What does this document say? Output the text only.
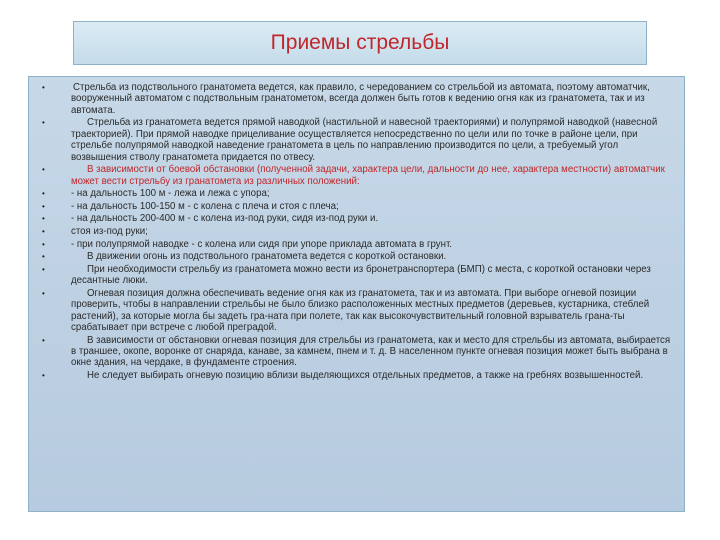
Приемы стрельбы
•	Стрельба из подствольного гранатомета ведется, как правило, с чередованием со стрельбой из автомата, поэтому автоматчик, вооруженный автоматом с подствольным гранатометом, всегда должен быть готов к ведению огня как из гранатомета, так и из автомата.
•	Стрельба из гранатомета ведется прямой наводкой (настильной и навесной траекториями) и полупрямой наводкой (навесной траекторией). При прямой наводке прицеливание осуществляется непосредственно по цели или по точке в районе цели, при стрельбе полупрямой наводкой наведение гранатомета в цель по направлению производится по цели, а требуемый угол возвышения стволу гранатомета придается по отвесу.
•	В зависимости от боевой обстановки (полученной задачи, характера цели, дальности до нее, характера местности) автоматчик может вести стрельбу из гранатомета из различных положений:
•	- на дальность 100 м - лежа и лежа с упора;
•	- на дальность 100-150 м - с колена с плеча и стоя с плеча;
•	- на дальность 200-400 м - с колена из-под руки, сидя из-под руки и.
•	стоя из-под руки;
•	- при полупрямой наводке - с колена или сидя при упоре приклада автомата в грунт.
•	В движении огонь из подствольного гранатомета ведется с короткой остановки.
•	При необходимости стрельбу из гранатомета можно вести из бронетранспортера (БМП) с места, с короткой остановки через десантные люки.
•	Огневая позиция должна обеспечивать ведение огня как из гранатомета, так и из автомата. При выборе огневой позиции проверить, чтобы в направлении стрельбы не было близко расположенных местных предметов (деревьев, кустарника, стеблей растений), за которые могла бы задеть гра-ната при полете, так как высокочувствительный головной взрыватель грана-ты срабатывает при встрече с любой преградой.
•	В зависимости от обстановки огневая позиция для стрельбы из гранатомета, как и место для стрельбы из автомата, выбирается в траншее, окопе, воронке от снаряда, канаве, за камнем, пнем и т. д. В населенном пункте огневая позиция может быть выбрана в окне здания, на чердаке, в фундаменте строения.
•	Не следует выбирать огневую позицию вблизи выделяющихся отдельных предметов, а также на гребнях возвышенностей.
